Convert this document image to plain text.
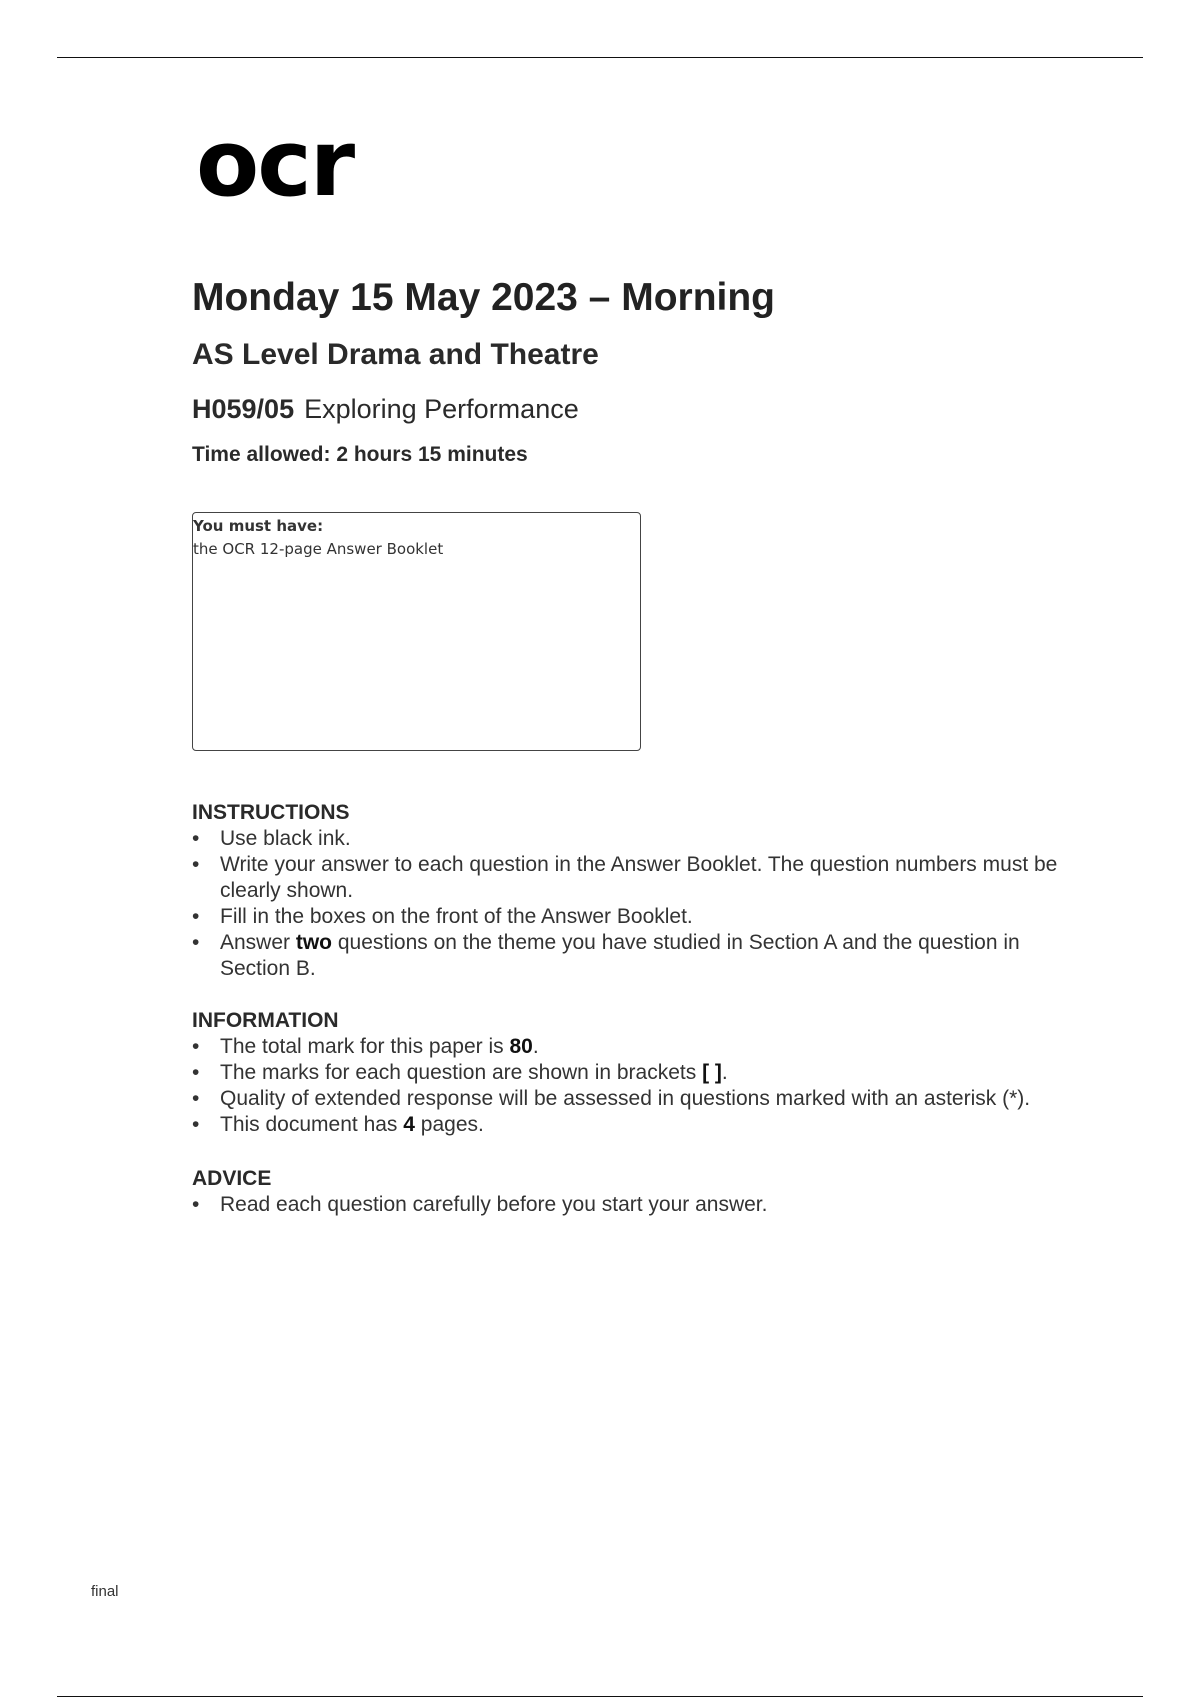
ocr
Monday 15 May 2023 – Morning
AS Level Drama and Theatre
H059/05 Exploring Performance
Time allowed: 2 hours 15 minutes
You must have:
the OCR 12-page Answer Booklet
INSTRUCTIONS
• Use black ink.
• Write your answer to each question in the Answer Booklet. The question numbers must be clearly shown.
• Fill in the boxes on the front of the Answer Booklet.
• Answer two questions on the theme you have studied in Section A and the question in Section B.
INFORMATION
• The total mark for this paper is 80.
• The marks for each question are shown in brackets [ ].
• Quality of extended response will be assessed in questions marked with an asterisk (*).
• This document has 4 pages.
ADVICE
• Read each question carefully before you start your answer.
final
